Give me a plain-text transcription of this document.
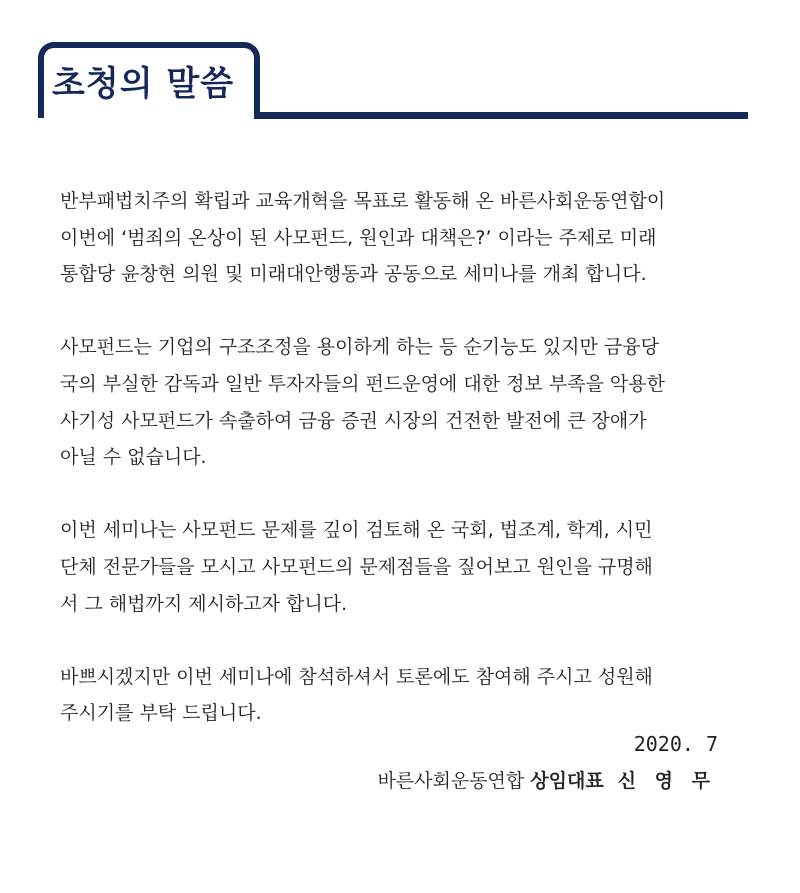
초청의 말씀
반부패법치주의 확립과 교육개혁을 목표로 활동해 온 바른사회운동연합이
이번에 ‘범죄의 온상이 된 사모펀드, 원인과 대책은?’ 이라는 주제로 미래
통합당 윤창현 의원 및 미래대안행동과 공동으로 세미나를 개최 합니다.
사모펀드는 기업의 구조조정을 용이하게 하는 등 순기능도 있지만 금융당
국의 부실한 감독과 일반 투자자들의 펀드운영에 대한 정보 부족을 악용한
사기성 사모펀드가 속출하여 금융 증권 시장의 건전한 발전에 큰 장애가
아닐 수 없습니다.
이번 세미나는 사모펀드 문제를 깊이 검토해 온 국회, 법조계, 학계, 시민
단체 전문가들을 모시고 사모펀드의 문제점들을 짚어보고 원인을 규명해
서 그 해법까지 제시하고자 합니다.
바쁘시겠지만 이번 세미나에 참석하셔서 토론에도 참여해 주시고 성원해
주시기를 부탁 드립니다.
2020. 7
바른사회운동연합 상임대표 신 영 무
